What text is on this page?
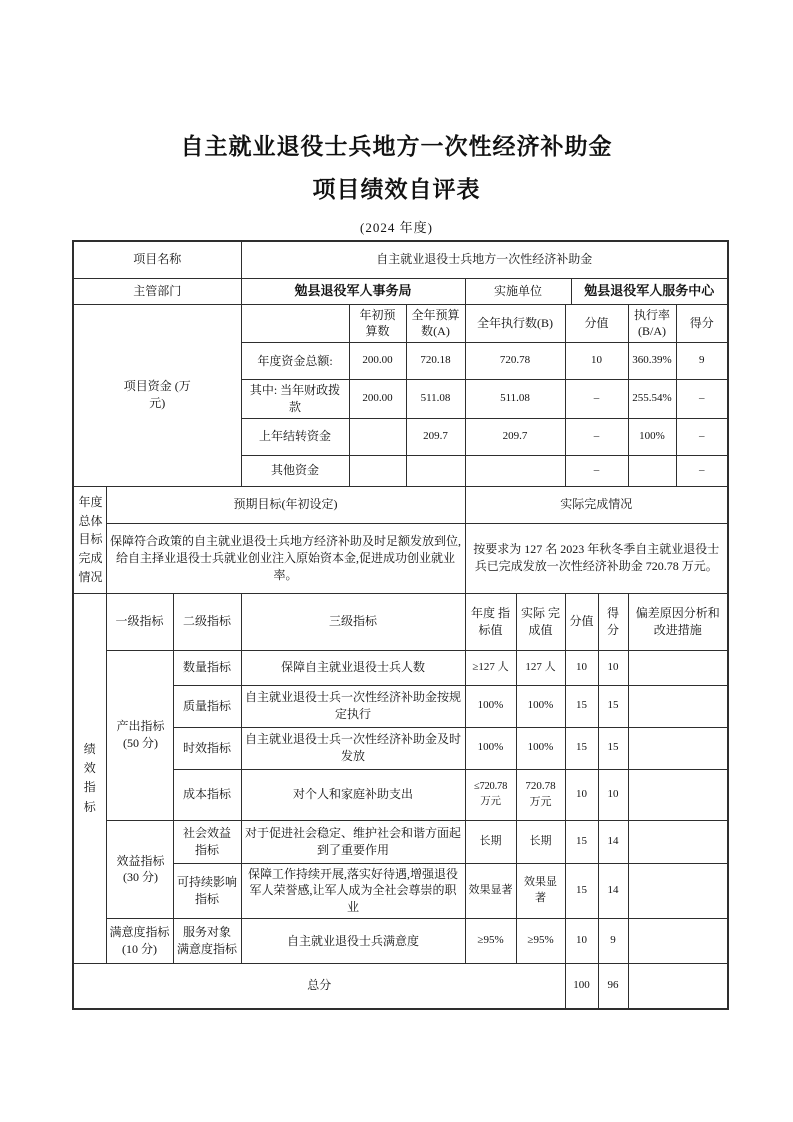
自主就业退役士兵地方一次性经济补助金
项目绩效自评表
(2024 年度)
项目名称			自主就业退役士兵地方一次性经济补助金									
主管部门			勉县退役军人事务局			实施单位			勉县退役军人服务中心			
项目资金 (万元)				年初预 算数	全年预算 数(A)	全年执行数(B)		分值			执行率 (B/A)	得分
			年度资金总额:	200.00	720.18	720.78		10			360.39%	9
			其中: 当年财政拨款	200.00	511.08	511.08		–			255.54%	–
			上年结转资金		209.7	209.7		–			100%	–
			其他资金					–				–
年度总体目标完成情况	预期目标(年初设定)					实际完成情况						
	保障符合政策的自主就业退役士兵地方经济补助及时足额发放到位,给自主择业退役士兵就业创业注入原始资本金,促进成功创业就业率。					按要求为 127 名 2023 年秋冬季自主就业退役士兵已完成发放一次性经济补助金 720.78 万元。						
绩效指标	一级指标	二级指标	三级指标			年度 指标值	实际 完成值	分值		得分	偏差原因分析和 改进措施	
	产出指标 (50 分)	数量指标	保障自主就业退役士兵人数			≥127 人	127 人	10		10		
		质量指标	自主就业退役士兵一次性经济补助金按规定执行			100%	100%	15		15		
		时效指标	自主就业退役士兵一次性经济补助金及时发放			100%	100%	15		15		
		成本指标	对个人和家庭补助支出			≤720.78 万元	720.78 万元	10		10		
	效益指标 (30 分)	社会效益 指标	对于促进社会稳定、维护社会和谐方面起到了重要作用			长期	长期	15		14		
		可持续影响 指标	保障工作持续开展,落实好待遇,增强退役军人荣誉感,让军人成为全社会尊崇的职业			效果显著	效果显著	15		14		
	满意度指标(10 分)	服务对象 满意度指标	自主就业退役士兵满意度			≥95%	≥95%	10		9		
总分								100		96		
